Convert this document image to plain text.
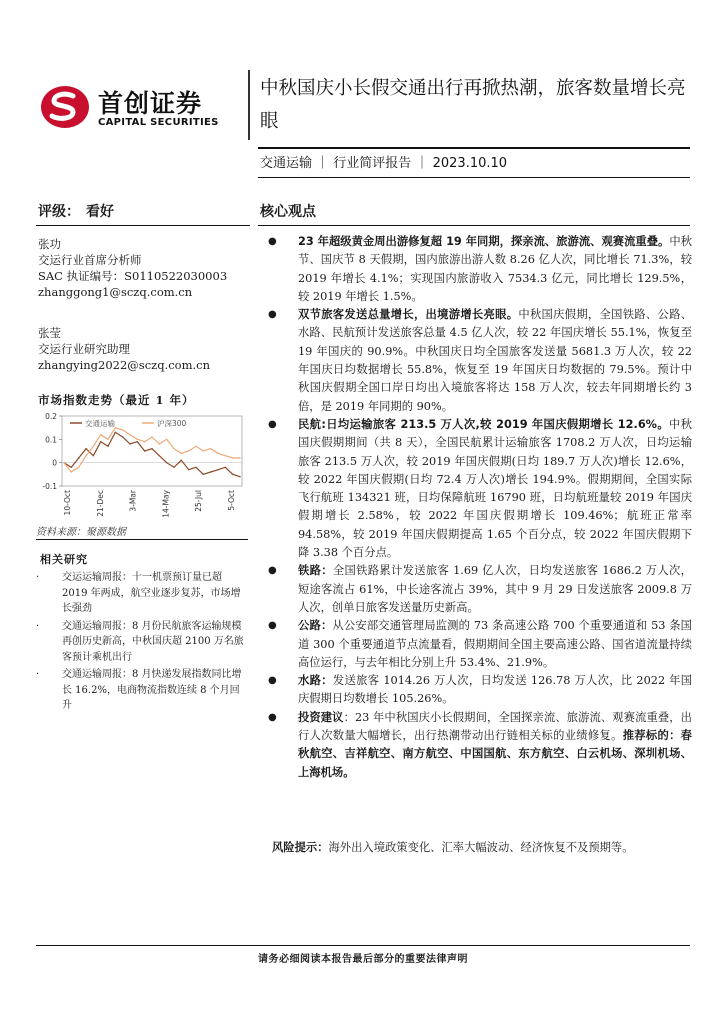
首创证券
CAPITAL SECURITIES
中秋国庆小长假交通出行再掀热潮，旅客数量增长亮眼
交通运输 ｜ 行业简评报告 ｜ 2023.10.10
评级： 看好
张功
交运行业首席分析师
SAC 执证编号：S0110522030003
zhanggong1@sczq.com.cn
张莹
交运行业研究助理
zhangying2022@sczq.com.cn
市场指数走势（最近 1 年）
0.2
0.1
0
-0.1
10-Oct	21-Dec	3-Mar	14-May	25-Jul	5-Oct
交通运输	沪深300
资料来源：聚源数据
相关研究
· 交运运输周报：十一机票预订量已超 2019 年两成，航空业逐步复苏，市场增长强劲
· 交通运输周报：8 月份民航旅客运输规模再创历史新高，中秋国庆超 2100 万名旅客预计乘机出行
· 交通运输周报：8 月快递发展指数同比增长 16.2%，电商物流指数连续 8 个月回升
核心观点
● 23 年超级黄金周出游修复超 19 年同期，探亲流、旅游流、观赛流重叠。中秋节、国庆节 8 天假期，国内旅游出游人数 8.26 亿人次，同比增长 71.3%，较 2019 年增长 4.1%；实现国内旅游收入 7534.3 亿元，同比增长 129.5%，较 2019 年增长 1.5%。
● 双节旅客发送总量增长，出境游增长亮眼。中秋国庆假期，全国铁路、公路、水路、民航预计发送旅客总量 4.5 亿人次，较 22 年国庆增长 55.1%，恢复至 19 年国庆的 90.9%。中秋国庆日均全国旅客发送量 5681.3 万人次，较 22 年国庆日均数据增长 55.8%，恢复至 19 年国庆日均数据的 79.5%。预计中秋国庆假期全国口岸日均出入境旅客将达 158 万人次，较去年同期增长约 3 倍，是 2019 年同期的 90%。
● 民航:日均运输旅客 213.5 万人次,较 2019 年国庆假期增长 12.6%。中秋国庆假期期间（共 8 天），全国民航累计运输旅客 1708.2 万人次，日均运输旅客 213.5 万人次，较 2019 年国庆假期(日均 189.7 万人次)增长 12.6%，较 2022 年国庆假期(日均 72.4 万人次)增长 194.9%。假期期间，全国实际飞行航班 134321 班，日均保障航班 16790 班，日均航班量较 2019 年国庆假期增长 2.58%，较 2022 年国庆假期增长 109.46%；航班正常率 94.58%，较 2019 年国庆假期提高 1.65 个百分点，较 2022 年国庆假期下降 3.38 个百分点。
● 铁路：全国铁路累计发送旅客 1.69 亿人次，日均发送旅客 1686.2 万人次，短途客流占 61%，中长途客流占 39%，其中 9 月 29 日发送旅客 2009.8 万人次，创单日旅客发送量历史新高。
● 公路：从公安部交通管理局监测的 73 条高速公路 700 个重要通道和 53 条国道 300 个重要通道节点流量看，假期期间全国主要高速公路、国省道流量持续高位运行，与去年相比分别上升 53.4%、21.9%。
● 水路：发送旅客 1014.26 万人次，日均发送 126.78 万人次，比 2022 年国庆假期日均数增长 105.26%。
● 投资建议：23 年中秋国庆小长假期间，全国探亲流、旅游流、观赛流重叠，出行人次数量大幅增长，出行热潮带动出行链相关标的业绩修复。推荐标的：春秋航空、吉祥航空、南方航空、中国国航、东方航空、白云机场、深圳机场、上海机场。
风险提示：海外出入境政策变化、汇率大幅波动、经济恢复不及预期等。
请务必细阅读本报告最后部分的重要法律声明
